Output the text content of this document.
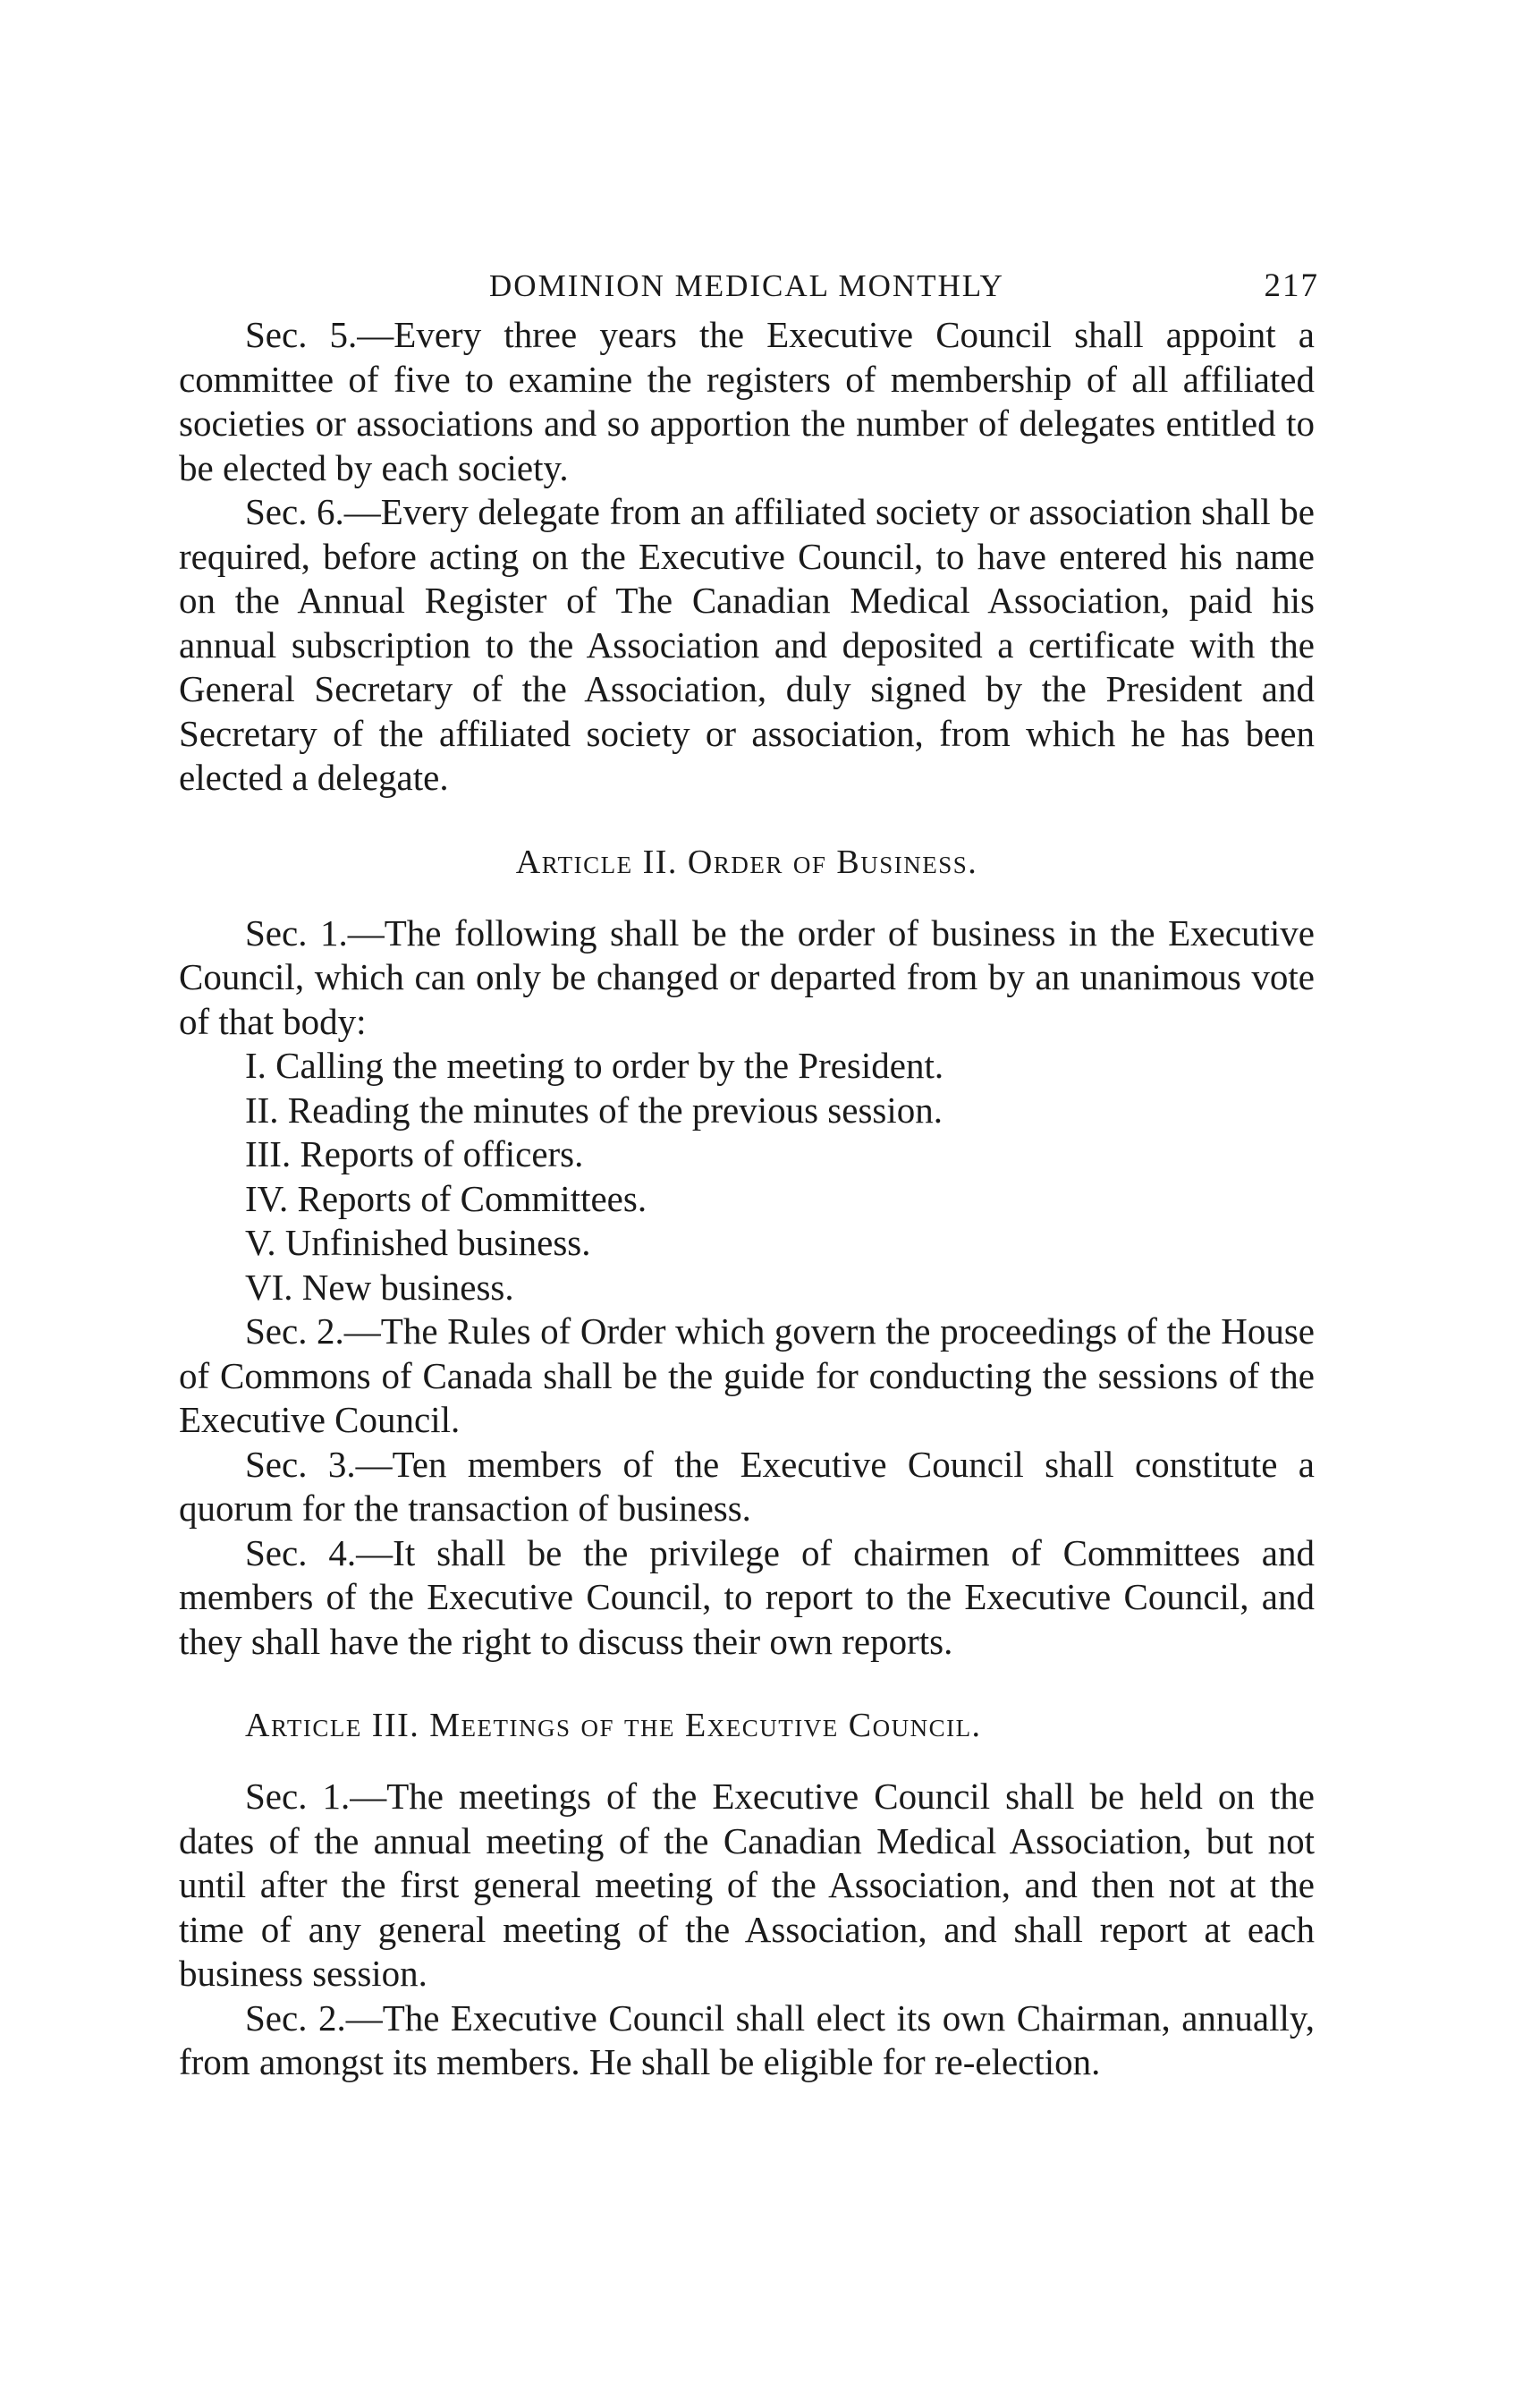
DOMINION MEDICAL MONTHLY	217

Sec. 5.—Every three years the Executive Council shall appoint a committee of five to examine the registers of membership of all affiliated societies or associations and so apportion the number of delegates entitled to be elected by each society.

Sec. 6.—Every delegate from an affiliated society or association shall be required, before acting on the Executive Council, to have entered his name on the Annual Register of The Canadian Medical Association, paid his annual subscription to the Association and deposited a certificate with the General Secretary of the Association, duly signed by the President and Secretary of the affiliated society or association, from which he has been elected a delegate.

Article II. Order of Business.

Sec. 1.—The following shall be the order of business in the Executive Council, which can only be changed or departed from by an unanimous vote of that body:

I. Calling the meeting to order by the President.

II. Reading the minutes of the previous session.

III. Reports of officers.

IV. Reports of Committees.

V. Unfinished business.

VI. New business.

Sec. 2.—The Rules of Order which govern the proceedings of the House of Commons of Canada shall be the guide for conducting the sessions of the Executive Council.

Sec. 3.—Ten members of the Executive Council shall constitute a quorum for the transaction of business.

Sec. 4.—It shall be the privilege of chairmen of Committees and members of the Executive Council, to report to the Executive Council, and they shall have the right to discuss their own reports.

Article III. Meetings of the Executive Council.

Sec. 1.—The meetings of the Executive Council shall be held on the dates of the annual meeting of the Canadian Medical Association, but not until after the first general meeting of the Association, and then not at the time of any general meeting of the Association, and shall report at each business session.

Sec. 2.—The Executive Council shall elect its own Chairman, annually, from amongst its members. He shall be eligible for re-election.
